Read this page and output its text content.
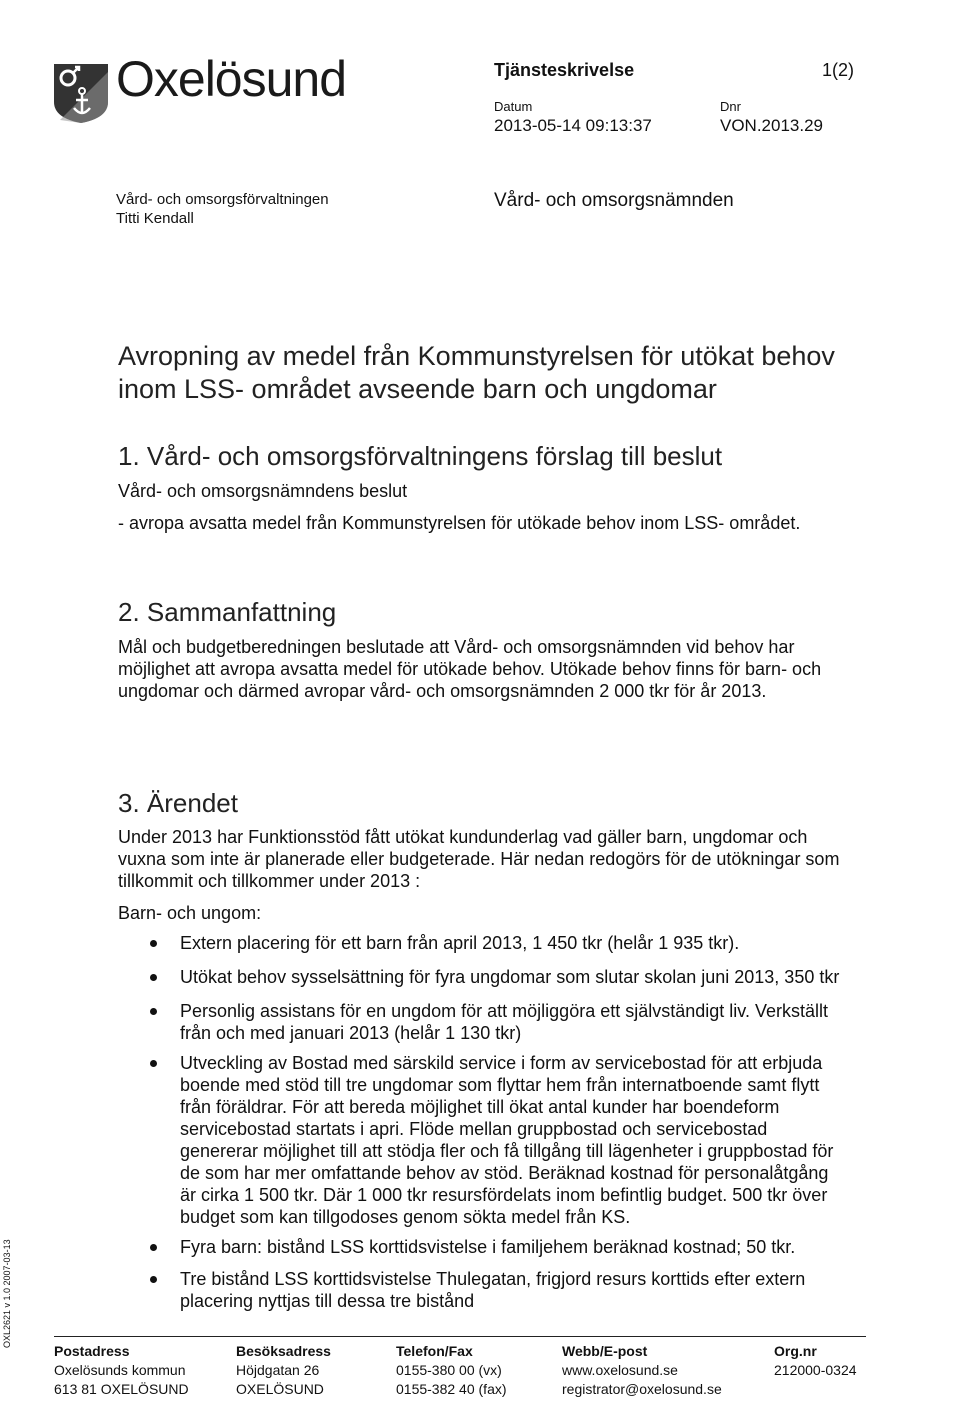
Oxelösund	Tjänsteskrivelse	1(2)
Datum
2013-05-14 09:13:37
Dnr
VON.2013.29
Vård- och omsorgsförvaltningen
Titti Kendall
Vård- och omsorgsnämnden
Avropning av medel från Kommunstyrelsen för utökat behov
inom LSS- området avseende barn och ungdomar
1. Vård- och omsorgsförvaltningens förslag till beslut
Vård- och omsorgsnämndens beslut
- avropa avsatta medel från Kommunstyrelsen för utökade behov inom LSS- området.
2. Sammanfattning
Mål och budgetberedningen beslutade att Vård- och omsorgsnämnden vid behov har
möjlighet att avropa avsatta medel för utökade behov. Utökade behov finns för barn- och
ungdomar och därmed avropar vård- och omsorgsnämnden 2 000 tkr för år 2013.
3. Ärendet
Under 2013 har Funktionsstöd fått utökat kundunderlag vad gäller barn, ungdomar och
vuxna som inte är planerade eller budgeterade. Här nedan redogörs för de utökningar som
tillkommit och tillkommer under 2013 :
Barn- och ungom:
Extern placering för ett barn från april 2013, 1 450 tkr (helår 1 935 tkr).
Utökat behov sysselsättning för fyra ungdomar som slutar skolan juni 2013, 350 tkr
Personlig assistans för en ungdom för att möjliggöra ett självständigt liv. Verkställt
från och med januari 2013 (helår 1 130 tkr)
Utveckling av Bostad med särskild service i form av servicebostad för att erbjuda
boende med stöd till tre ungdomar som flyttar hem från internatboende samt flytt
från föräldrar. För att bereda möjlighet till ökat antal kunder har boendeform
servicebostad startats i apri. Flöde mellan gruppbostad och servicebostad
genererar möjlighet till att stödja fler och få tillgång till lägenheter i gruppbostad för
de som har mer omfattande behov av stöd. Beräknad kostnad för personalåtgång
är cirka 1 500 tkr. Där 1 000 tkr resursfördelats inom befintlig budget. 500 tkr över
budget som kan tillgodoses genom sökta medel från KS.
Fyra barn: bistånd LSS korttidsvistelse i familjehem beräknad kostnad; 50 tkr.
Tre bistånd LSS korttidsvistelse Thulegatan, frigjord resurs korttids efter extern
placering nyttjas till dessa tre bistånd
OXL2621 v 1.0 2007-03-13
Postadress
Oxelösunds kommun
613 81 OXELÖSUND
Besöksadress
Höjdgatan 26
OXELÖSUND
Telefon/Fax
0155-380 00 (vx)
0155-382 40 (fax)
Webb/E-post
www.oxelosund.se
registrator@oxelosund.se
Org.nr
212000-0324
